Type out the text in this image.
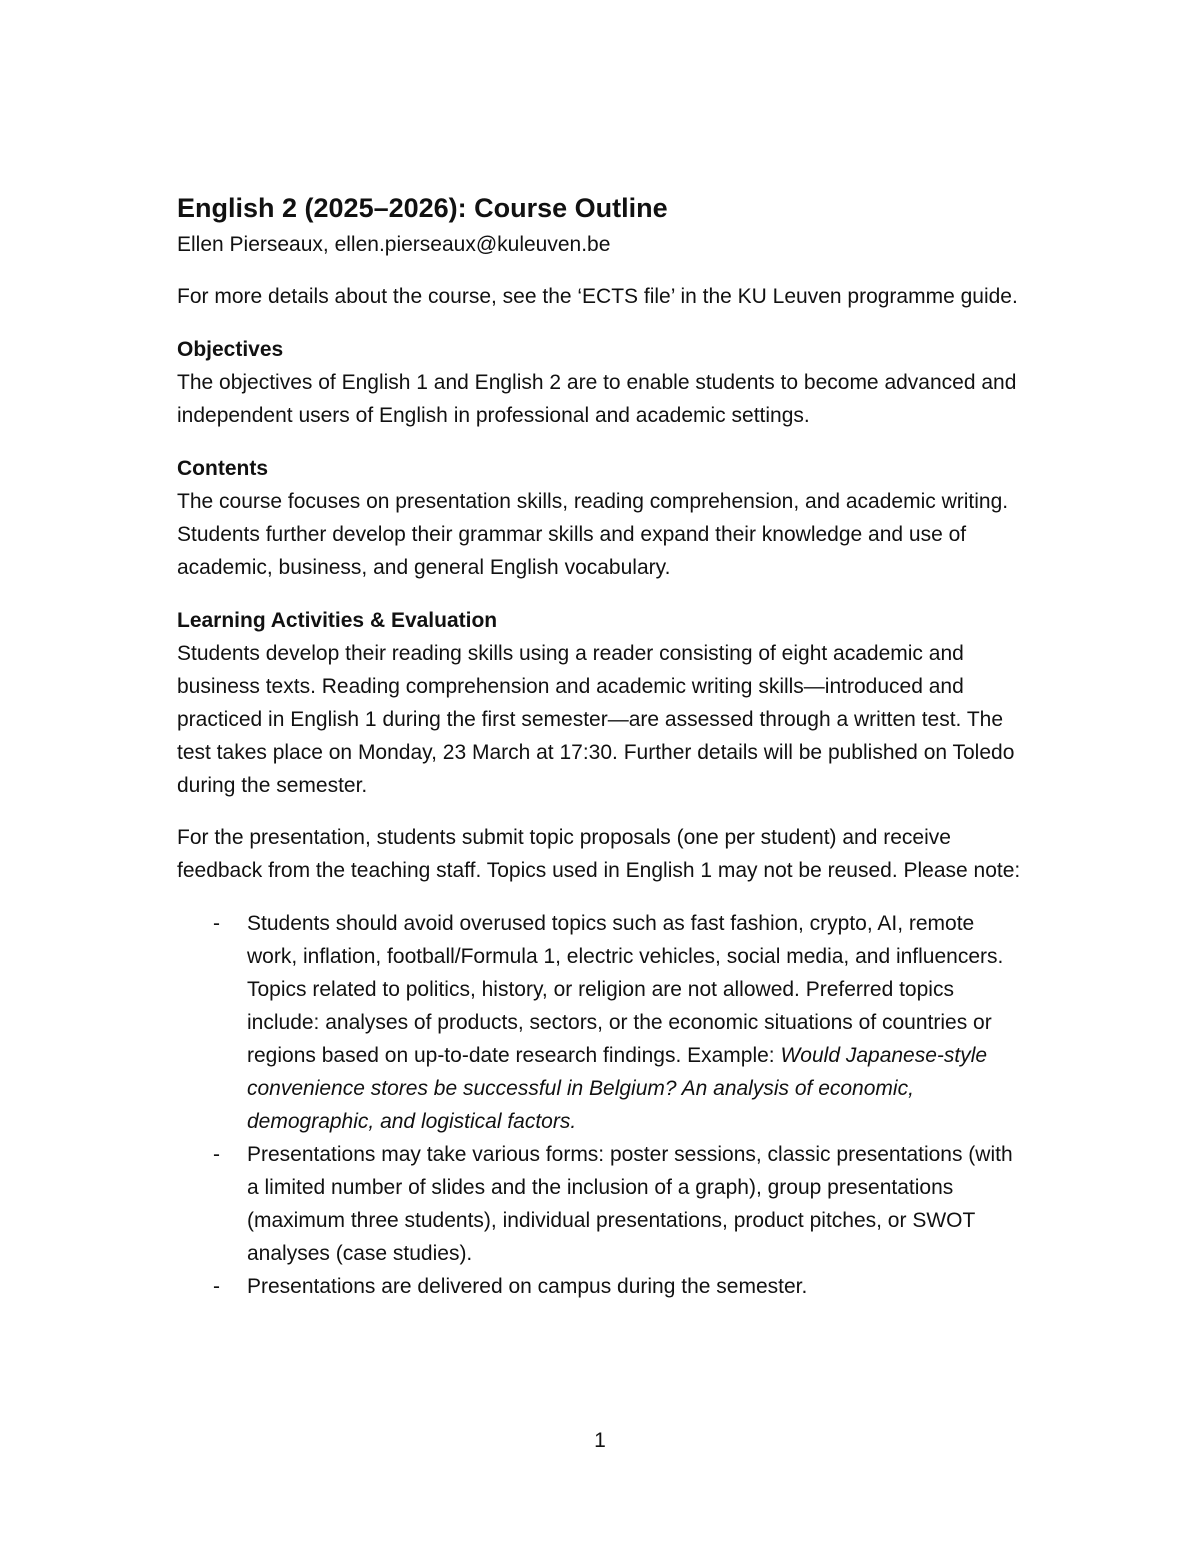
English 2 (2025–2026): Course Outline

Ellen Pierseaux, ellen.pierseaux@kuleuven.be

For more details about the course, see the ‘ECTS file’ in the KU Leuven programme guide.

Objectives

The objectives of English 1 and English 2 are to enable students to become advanced and independent users of English in professional and academic settings.

Contents

The course focuses on presentation skills, reading comprehension, and academic writing. Students further develop their grammar skills and expand their knowledge and use of academic, business, and general English vocabulary.

Learning Activities & Evaluation

Students develop their reading skills using a reader consisting of eight academic and business texts. Reading comprehension and academic writing skills—introduced and practiced in English 1 during the first semester—are assessed through a written test. The test takes place on Monday, 23 March at 17:30. Further details will be published on Toledo during the semester.

For the presentation, students submit topic proposals (one per student) and receive feedback from the teaching staff. Topics used in English 1 may not be reused. Please note:

- Students should avoid overused topics such as fast fashion, crypto, AI, remote work, inflation, football/Formula 1, electric vehicles, social media, and influencers. Topics related to politics, history, or religion are not allowed. Preferred topics include: analyses of products, sectors, or the economic situations of countries or regions based on up-to-date research findings. Example: Would Japanese-style convenience stores be successful in Belgium? An analysis of economic, demographic, and logistical factors.
- Presentations may take various forms: poster sessions, classic presentations (with a limited number of slides and the inclusion of a graph), group presentations (maximum three students), individual presentations, product pitches, or SWOT analyses (case studies).
- Presentations are delivered on campus during the semester.
1
